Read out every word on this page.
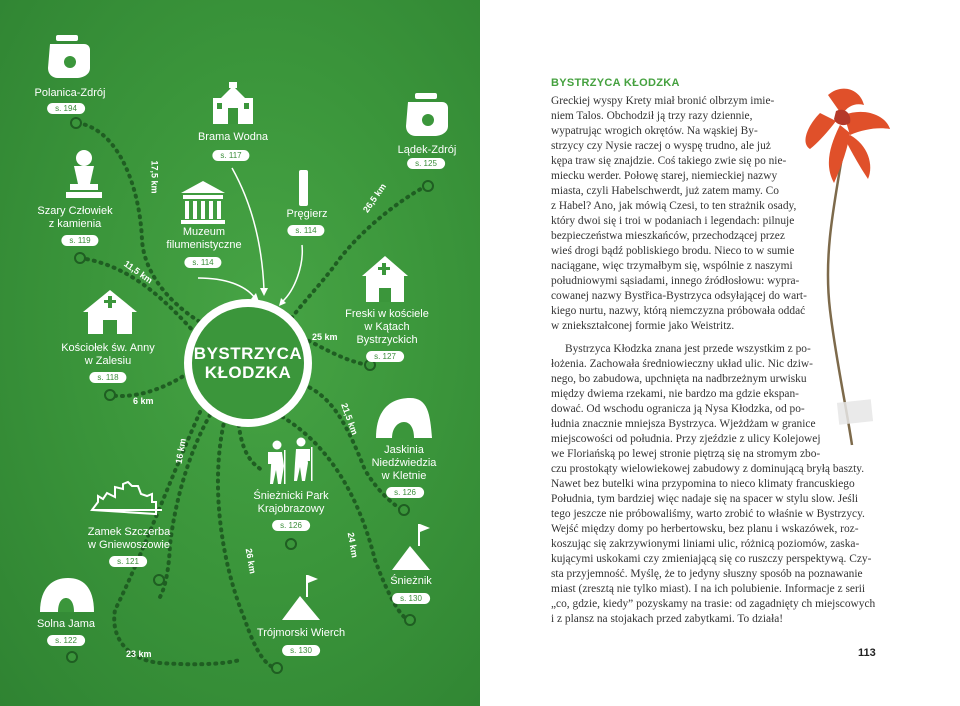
Polanica-Zdrój
s. 194
Brama Wodna
s. 117	Lądek-Zdrój
s. 125
Szary Człowiek
z kamienia
s. 119
Muzeum
filumenistyczne
s. 114
Pręgierz
s. 114
Freski w kościele
w Kątach
Bystrzyckich
s. 127
Kościołek św. Anny
w Zalesiu
s. 118
Jaskinia
Niedźwiedzia
w Kletnie
s. 126
Śnieżnicki Park
Krajobrazowy
s. 126
Zamek Szczerba
w Gniewoszowie
s. 121
Śnieżnik
s. 130
Solna Jama
s. 122
Trójmorski Wierch
s. 130
17,5 km
26,5 km
11,5 km
25 km
6 km
21,5 km
16 km
24 km
26 km
23 km
BYSTRZYCA
KŁODZKA
BYSTRZYCA KŁODZKA
Greckiej wyspy Krety miał bronić olbrzym imie-
niem Talos. Obchodził ją trzy razy dziennie,
wypatrując wrogich okrętów. Na wąskiej By-
strzycy czy Nysie raczej o wyspę trudno, ale już
kępa traw się znajdzie. Coś takiego zwie się po nie-
miecku werder. Połowę starej, niemieckiej nazwy
miasta, czyli Habelschwerdt, już zatem mamy. Co
z Habel? Ano, jak mówią Czesi, to ten strażnik osady,
który dwoi się i troi w podaniach i legendach: pilnuje
bezpieczeństwa mieszkańców, przechodzącej przez
wieś drogi bądź pobliskiego brodu. Nieco to w sumie
naciągane, więc trzymałbym się, wspólnie z naszymi
południowymi sąsiadami, innego źródłosłowu: wypra-
cowanej nazwy Bystřica-Bystrzyca odsyłającej do wart-
kiego nurtu, nazwy, którą niemczyzna próbowała oddać
w zniekształconej formie jako Weistritz.
Bystrzyca Kłodzka znana jest przede wszystkim z po-
łożenia. Zachowała średniowieczny układ ulic. Nic dziw-
nego, bo zabudowa, upchnięta na nadbrzeżnym urwisku
między dwiema rzekami, nie bardzo ma gdzie ekspan-
dować. Od wschodu ogranicza ją Nysa Kłodzka, od po-
łudnia znacznie mniejsza Bystrzyca. Wjeżdżam w granice
miejscowości od południa. Przy zjeździe z ulicy Kolejowej
we Floriańską po lewej stronie piętrzą się na stromym zbo-
czu prostokąty wielowiekowej zabudowy z dominującą bryłą baszty.
Nawet bez butelki wina przypomina to nieco klimaty francuskiego
Południa, tym bardziej więc nadaje się na spacer w stylu slow. Jeśli
tego jeszcze nie próbowaliśmy, warto zrobić to właśnie w Bystrzycy.
Wejść między domy po herbertowsku, bez planu i wskazówek, roz-
koszując się zakrzywionymi liniami ulic, różnicą poziomów, zaska-
kującymi uskokami czy zmieniającą się co ruszczy perspektywą. Czy-
sta przyjemność. Myślę, że to jedyny słuszny sposób na poznawanie
miast (zresztą nie tylko miast). I na ich polubienie. Informacje z serii
„co, gdzie, kiedy” pozyskamy na trasie: od zagadnięty ch miejscowych
i z plansz na stojakach przed zabytkami. To działa!
113
